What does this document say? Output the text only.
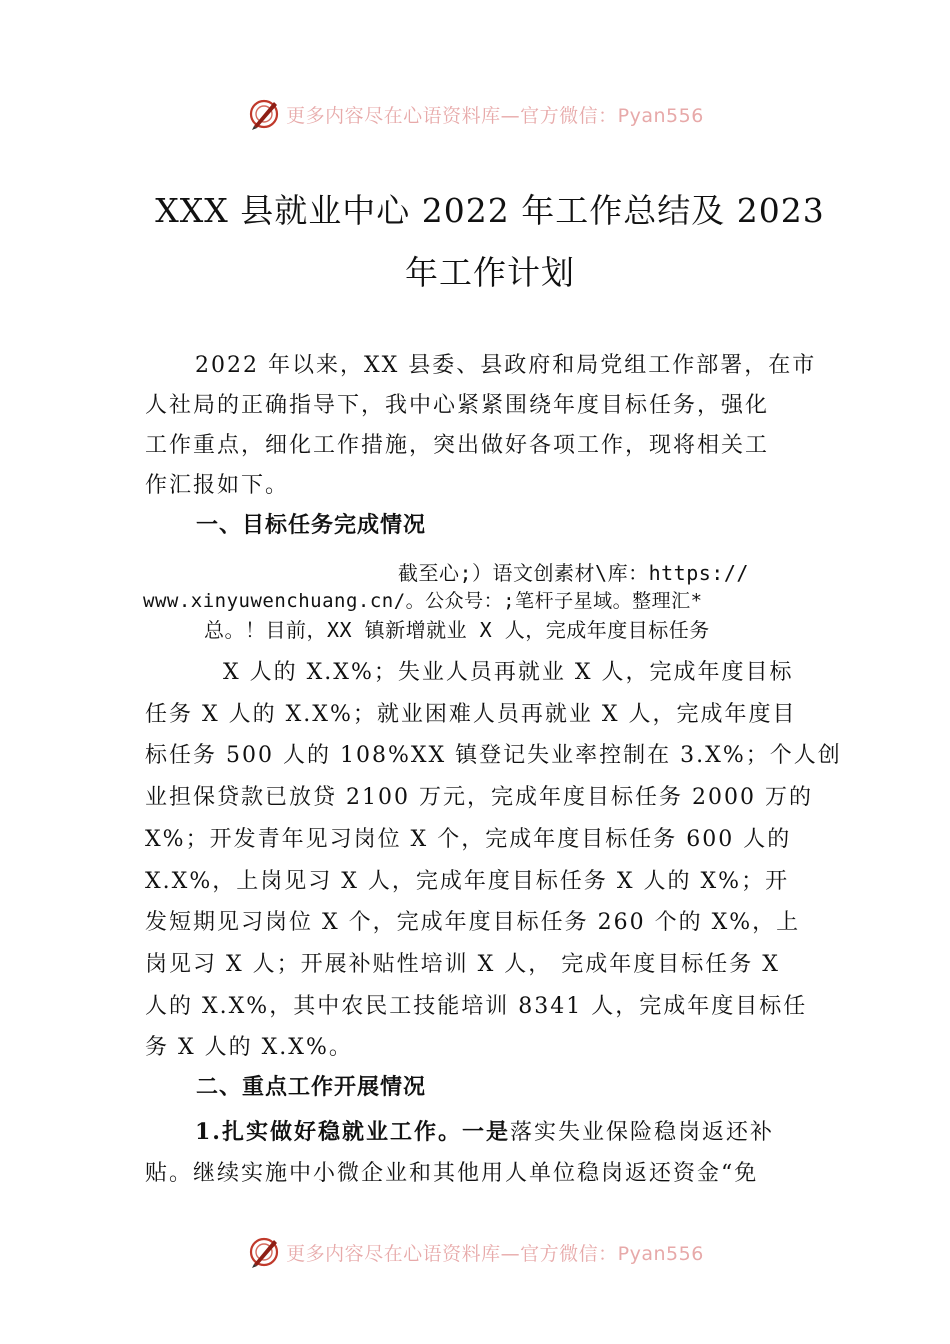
更多内容尽在心语资料库—官方微信：Pyan556
XXX 县就业中心 2022 年工作总结及 2023
年工作计划
2022 年以来，XX 县委、县政府和局党组工作部署，在市
人社局的正确指导下，我中心紧紧围绕年度目标任务，强化
工作重点，细化工作措施，突出做好各项工作，现将相关工
作汇报如下。
一、目标任务完成情况
截至心;）语文创素材\库：https://
www.xinyuwenchuang.cn/。公众号：;笔杆子星域。整理汇*
总。！目前，XX 镇新增就业 X 人，完成年度目标任务
X 人的 X.X%；失业人员再就业 X 人，完成年度目标
任务 X 人的 X.X%；就业困难人员再就业 X 人，完成年度目
标任务 500 人的 108%XX 镇登记失业率控制在 3.X%；个人创
业担保贷款已放贷 2100 万元，完成年度目标任务 2000 万的
X%；开发青年见习岗位 X 个，完成年度目标任务 600 人的
X.X%，上岗见习 X 人，完成年度目标任务 X 人的 X%；开
发短期见习岗位 X 个，完成年度目标任务 260 个的 X%，上
岗见习 X 人；开展补贴性培训 X 人， 完成年度目标任务 X
人的 X.X%，其中农民工技能培训 8341 人，完成年度目标任
务 X 人的 X.X%。
二、重点工作开展情况
1.扎实做好稳就业工作。一是落实失业保险稳岗返还补
贴。继续实施中小微企业和其他用人单位稳岗返还资金“免
更多内容尽在心语资料库—官方微信：Pyan556
